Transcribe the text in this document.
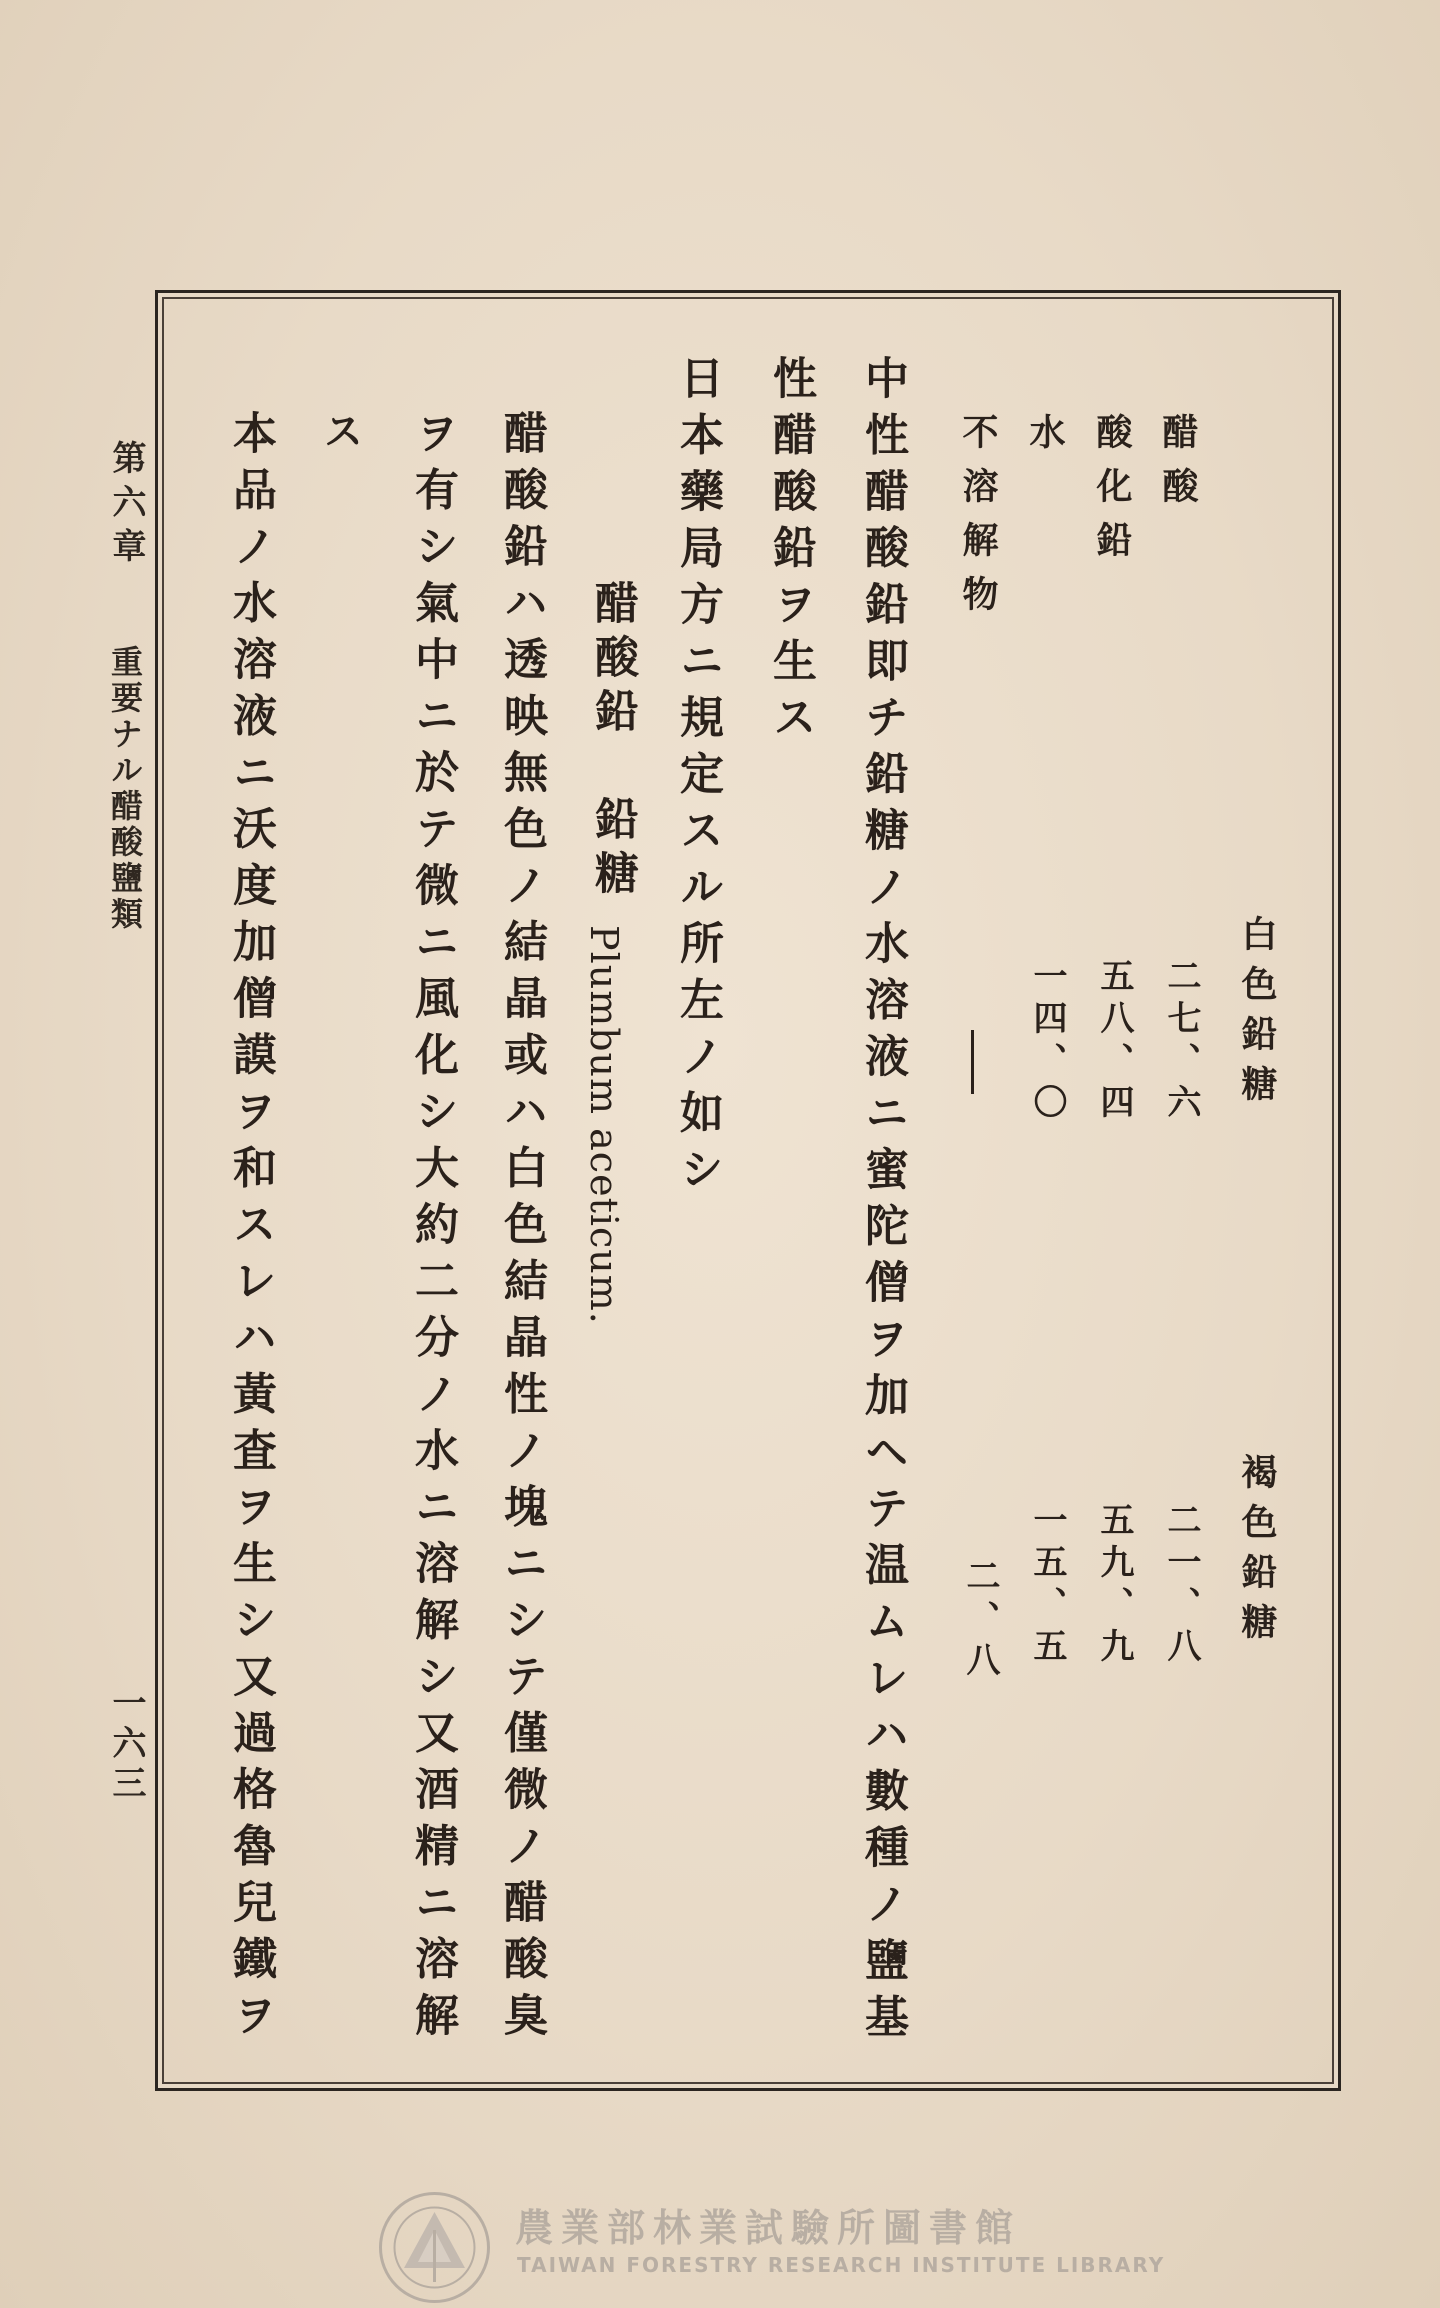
第六章
重要ナル醋酸鹽類
一六三
醋酸
酸化鉛
水
不溶解物
白色鉛糖
褐色鉛糖
二七、六
五八、四
一四、〇
二一、八
五九、九
一五、五
二、八
中性醋酸鉛即チ鉛糖ノ水溶液ニ蜜陀僧ヲ加ヘテ温ムレハ數種ノ鹽基
性醋酸鉛ヲ生ス
日本藥局方ニ規定スル所左ノ如シ
醋酸鉛　鉛糖
Plumbum aceticum.
醋酸鉛ハ透映無色ノ結晶或ハ白色結晶性ノ塊ニシテ僅微ノ醋酸臭
ヲ有シ氣中ニ於テ微ニ風化シ大約二分ノ水ニ溶解シ又酒精ニ溶解
ス
本品ノ水溶液ニ沃度加僧謨ヲ和スレハ黃査ヲ生シ又過格魯兒鐵ヲ
農業部林業試驗所圖書館
TAIWAN FORESTRY RESEARCH INSTITUTE LIBRARY
